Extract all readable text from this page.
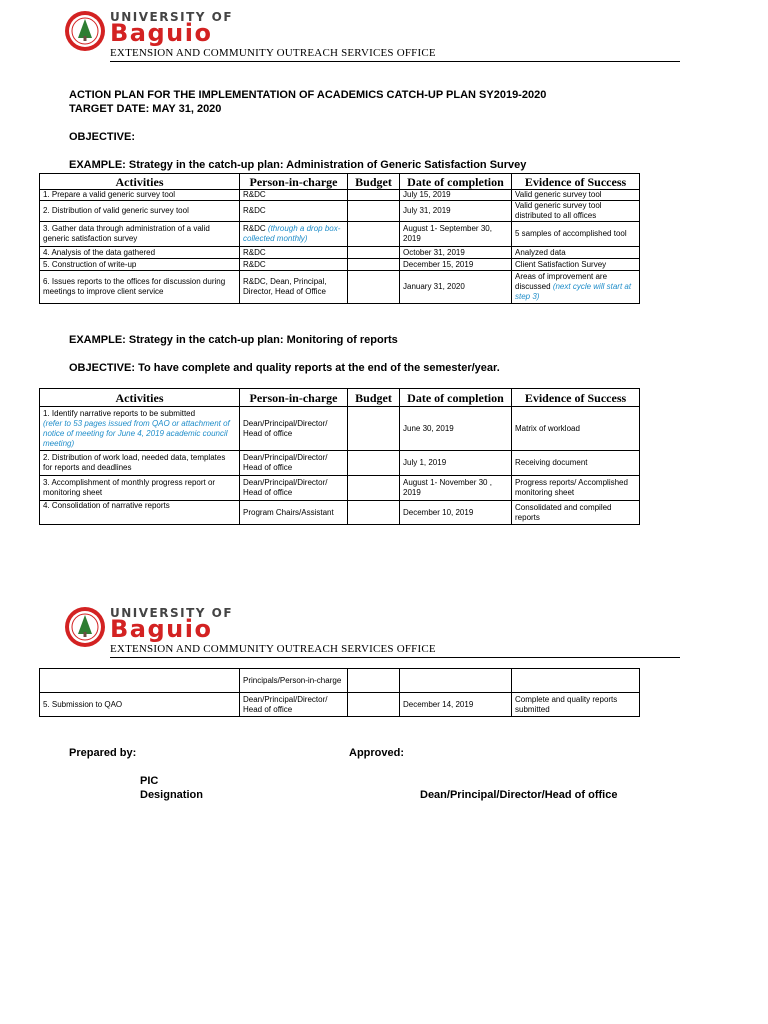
UNIVERSITY OF
Baguio
EXTENSION AND COMMUNITY OUTREACH SERVICES OFFICE
ACTION PLAN FOR THE IMPLEMENTATION OF ACADEMICS CATCH-UP PLAN SY2019-2020
TARGET DATE: MAY 31, 2020
OBJECTIVE:
EXAMPLE: Strategy in the catch-up plan: Administration of Generic Satisfaction Survey
Activities	Person-in-charge	Budget	Date of completion	Evidence of Success
1. Prepare a valid generic survey tool	R&DC		July 15, 2019	Valid generic survey tool
2. Distribution of valid generic survey tool	R&DC		July 31, 2019	Valid generic survey tool distributed to all offices
3. Gather data through administration of a valid generic satisfaction survey	R&DC (through a drop box- collected monthly)		August 1- September 30, 2019	5 samples of accomplished tool
4. Analysis of the data gathered	R&DC		October 31, 2019	Analyzed data
5. Construction of write-up	R&DC		December 15, 2019	Client Satisfaction Survey
6. Issues reports to the offices for discussion during meetings to improve client service	R&DC, Dean, Principal, Director, Head of Office		January 31, 2020	Areas of improvement are discussed (next cycle will start at step 3)
EXAMPLE: Strategy in the catch-up plan: Monitoring of reports
OBJECTIVE: To have complete and quality reports at the end of the semester/year.
Activities	Person-in-charge	Budget	Date of completion	Evidence of Success
1. Identify narrative reports to be submitted
(refer to 53 pages issued from QAO or attachment of notice of meeting for June 4, 2019 academic council meeting)	Dean/Principal/Director/ Head of office		June 30, 2019	Matrix of workload
2. Distribution of work load, needed data, templates for reports and deadlines	Dean/Principal/Director/ Head of office		July 1, 2019	Receiving document
3. Accomplishment of monthly progress report or monitoring sheet	Dean/Principal/Director/ Head of office		August 1- November 30 , 2019	Progress reports/ Accomplished monitoring sheet
4. Consolidation of narrative reports	Program Chairs/Assistant		December 10, 2019	Consolidated and compiled reports
UNIVERSITY OF
Baguio
EXTENSION AND COMMUNITY OUTREACH SERVICES OFFICE
	Principals/Person-in-charge			
5. Submission to QAO	Dean/Principal/Director/ Head of office		December 14, 2019	Complete and quality reports submitted
Prepared by:	Approved:
PIC
Designation	Dean/Principal/Director/Head of office
